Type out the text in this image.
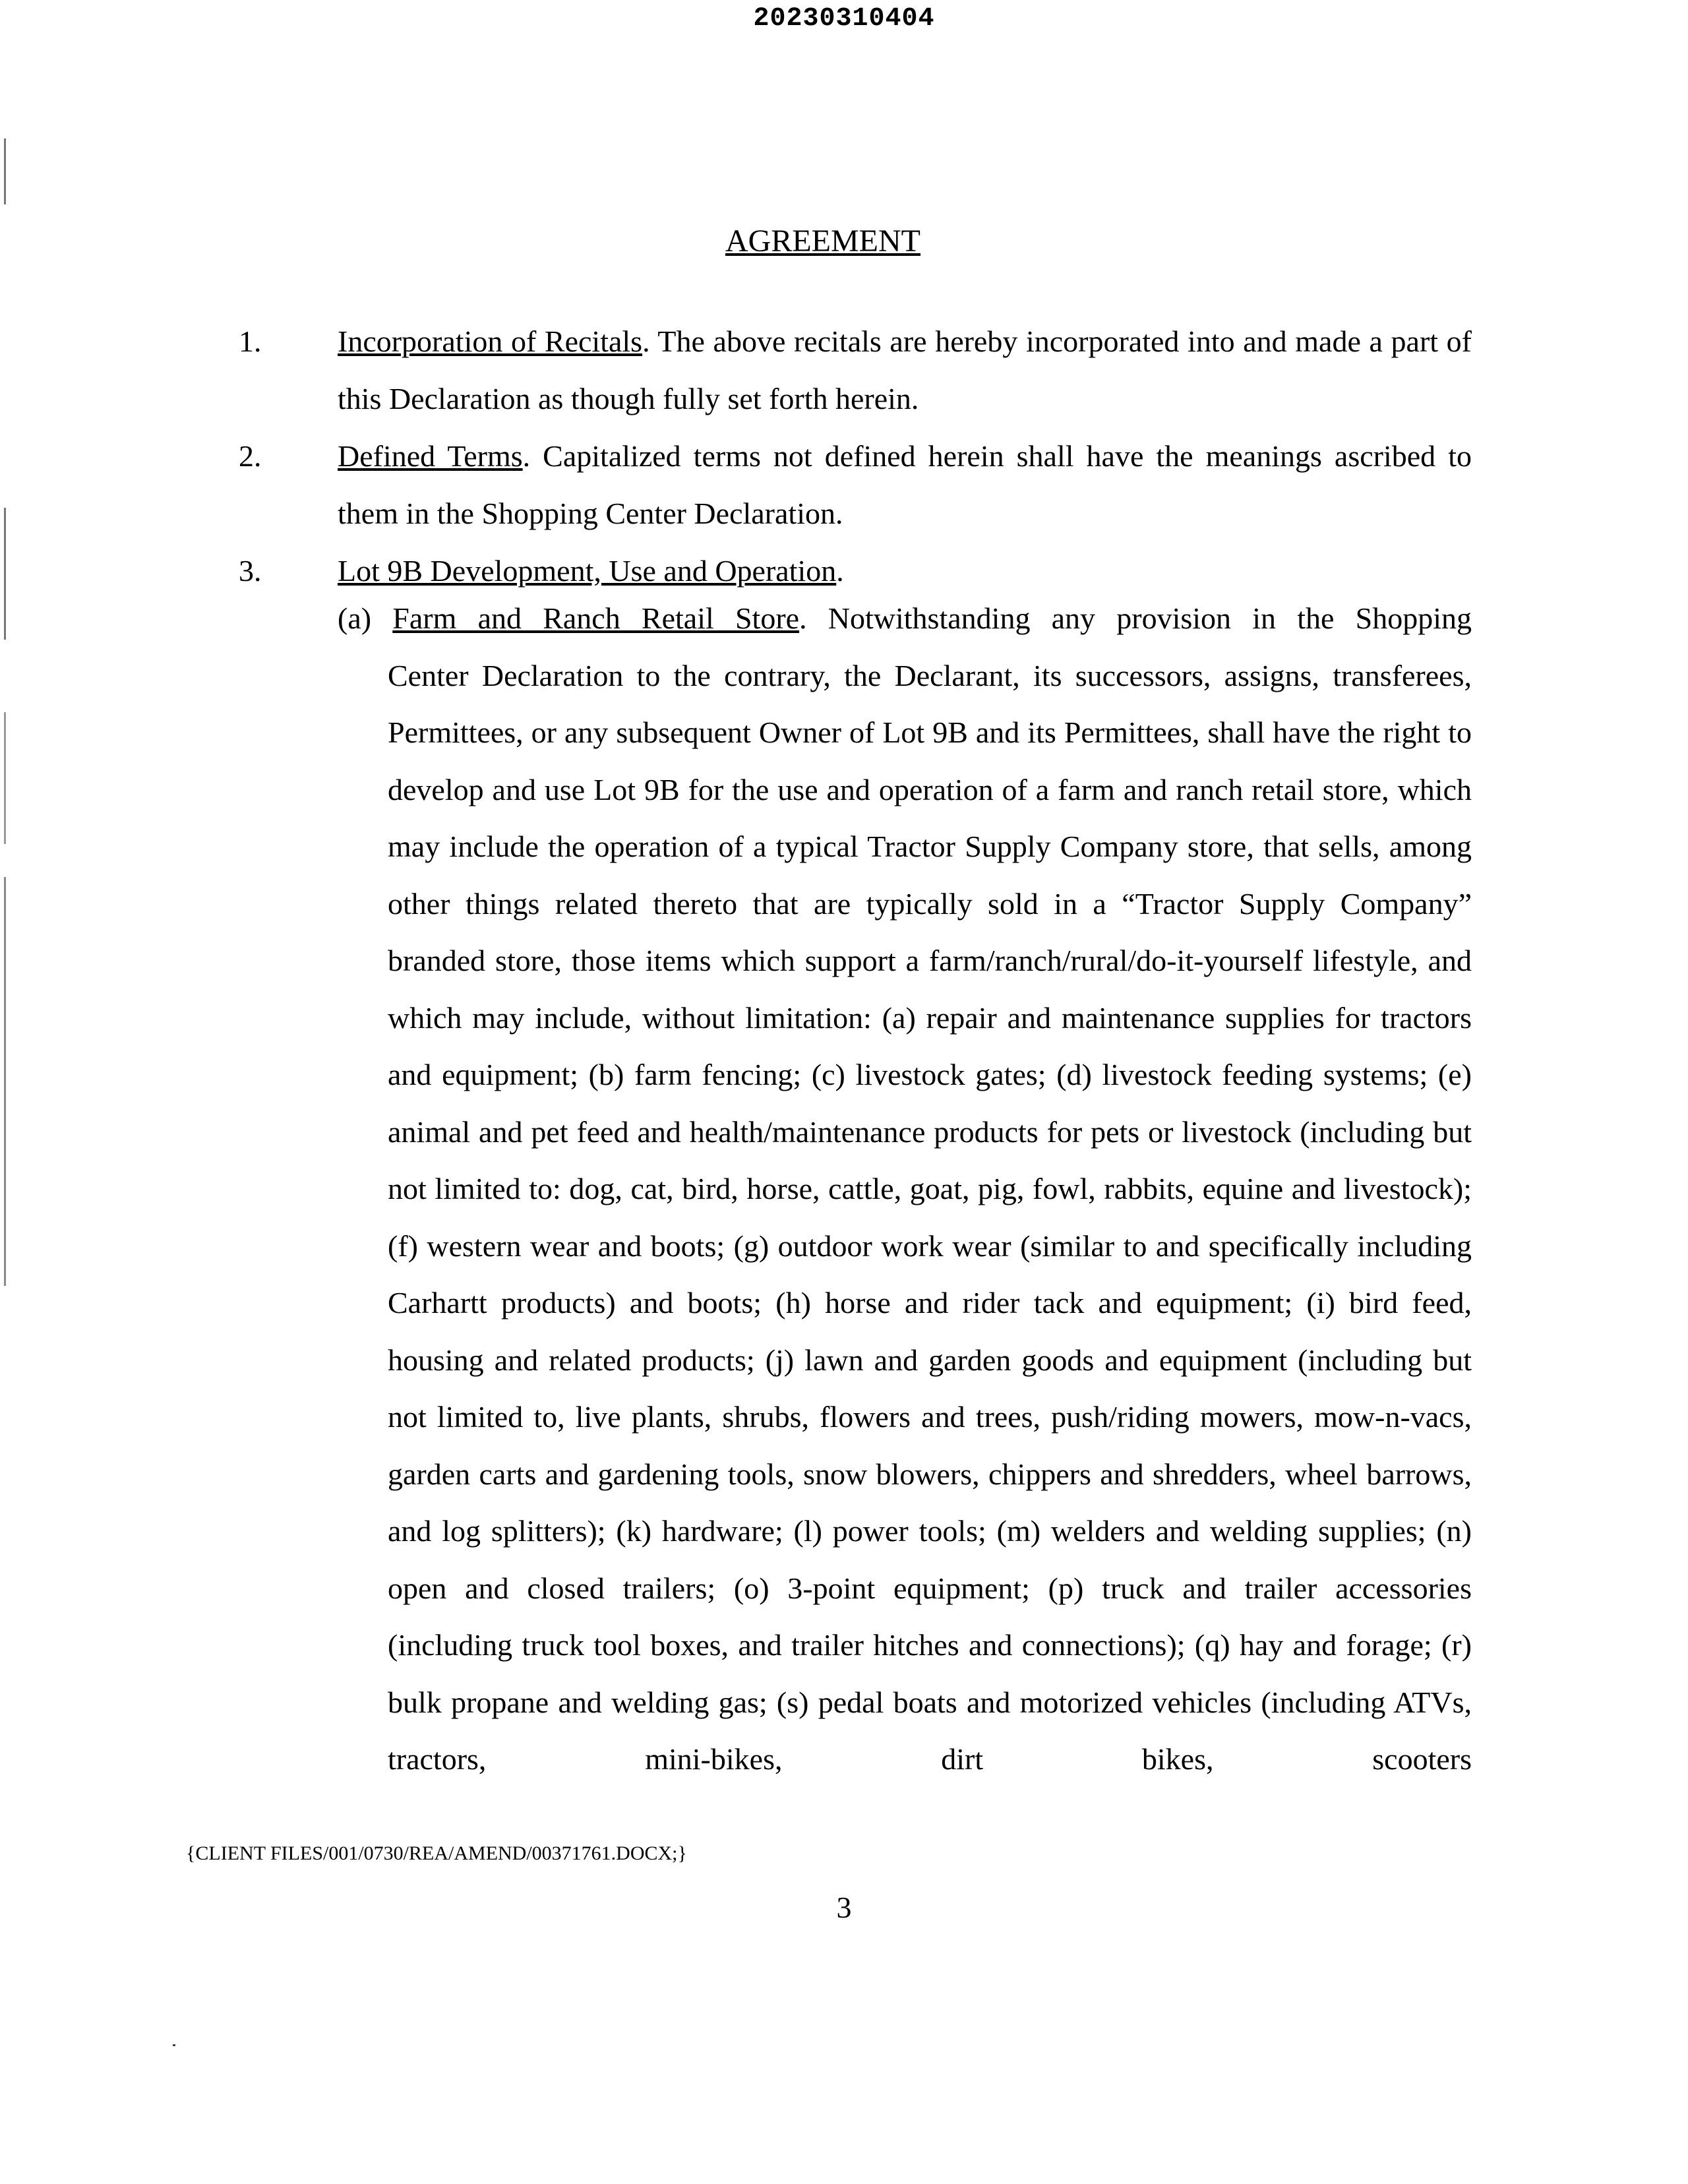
20230310404
AGREEMENT
1.	Incorporation of Recitals. The above recitals are hereby incorporated into and made a part of this Declaration as though fully set forth herein.
2.	Defined Terms. Capitalized terms not defined herein shall have the meanings ascribed to them in the Shopping Center Declaration.
3.	Lot 9B Development, Use and Operation.
(a) Farm and Ranch Retail Store. Notwithstanding any provision in the Shopping
Center Declaration to the contrary, the Declarant, its successors, assigns, transferees, Permittees, or any subsequent Owner of Lot 9B and its Permittees, shall have the right to develop and use Lot 9B for the use and operation of a farm and ranch retail store, which may include the operation of a typical Tractor Supply Company store, that sells, among other things related thereto that are typically sold in a “Tractor Supply Company” branded store, those items which support a farm/ranch/rural/do-it-yourself lifestyle, and which may include, without limitation: (a) repair and maintenance supplies for tractors and equipment; (b) farm fencing; (c) livestock gates; (d) livestock feeding systems; (e) animal and pet feed and health/maintenance products for pets or livestock (including but not limited to: dog, cat, bird, horse, cattle, goat, pig, fowl, rabbits, equine and livestock); (f) western wear and boots; (g) outdoor work wear (similar to and specifically including Carhartt products) and boots; (h) horse and rider tack and equipment; (i) bird feed, housing and related products; (j) lawn and garden goods and equipment (including but not limited to, live plants, shrubs, flowers and trees, push/riding mowers, mow-n-vacs, garden carts and gardening tools, snow blowers, chippers and shredders, wheel barrows, and log splitters); (k) hardware; (l) power tools; (m) welders and welding supplies; (n) open and closed trailers; (o) 3-point equipment; (p) truck and trailer accessories (including truck tool boxes, and trailer hitches and connections); (q) hay and forage; (r) bulk propane and welding gas; (s) pedal boats and motorized vehicles (including ATVs, tractors, mini-bikes, dirt bikes, scooters
{CLIENT FILES/001/0730/REA/AMEND/00371761.DOCX;}
3
